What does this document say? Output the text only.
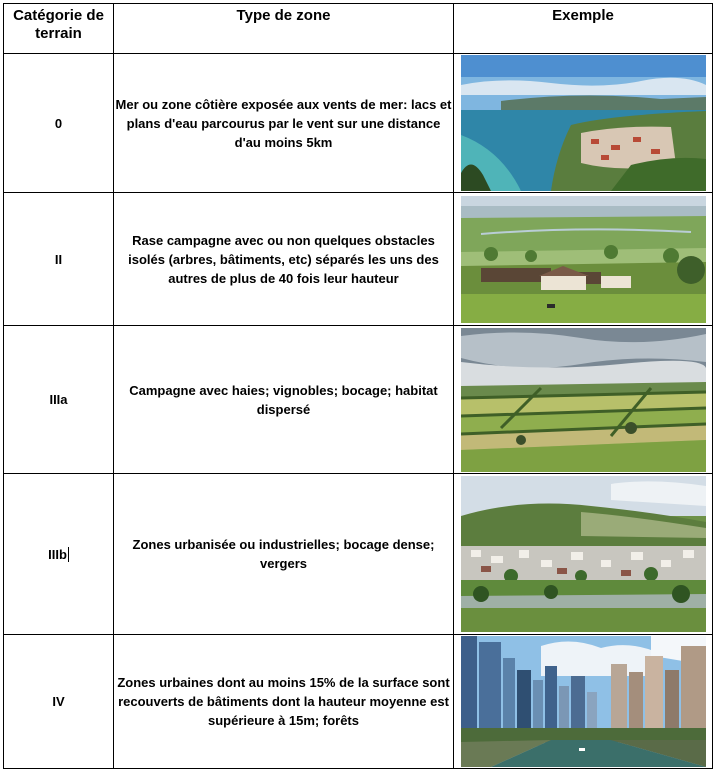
Catégorie de terrain	Type de zone	Exemple
0	Mer ou zone côtière exposée aux vents de mer: lacs et plans d'eau parcourus par le vent sur une distance d'au moins 5km	

II	Rase campagne avec ou non quelques obstacles isolés (arbres, bâtiments, etc) séparés les uns des autres de plus de 40 fois leur hauteur	

IIIa	Campagne avec haies; vignobles; bocage; habitat dispersé	

IIIb	Zones urbanisée ou industrielles; bocage dense; vergers	

IV	Zones urbaines dont au moins 15% de la surface sont recouverts de bâtiments dont la hauteur moyenne est supérieure à 15m; forêts	
